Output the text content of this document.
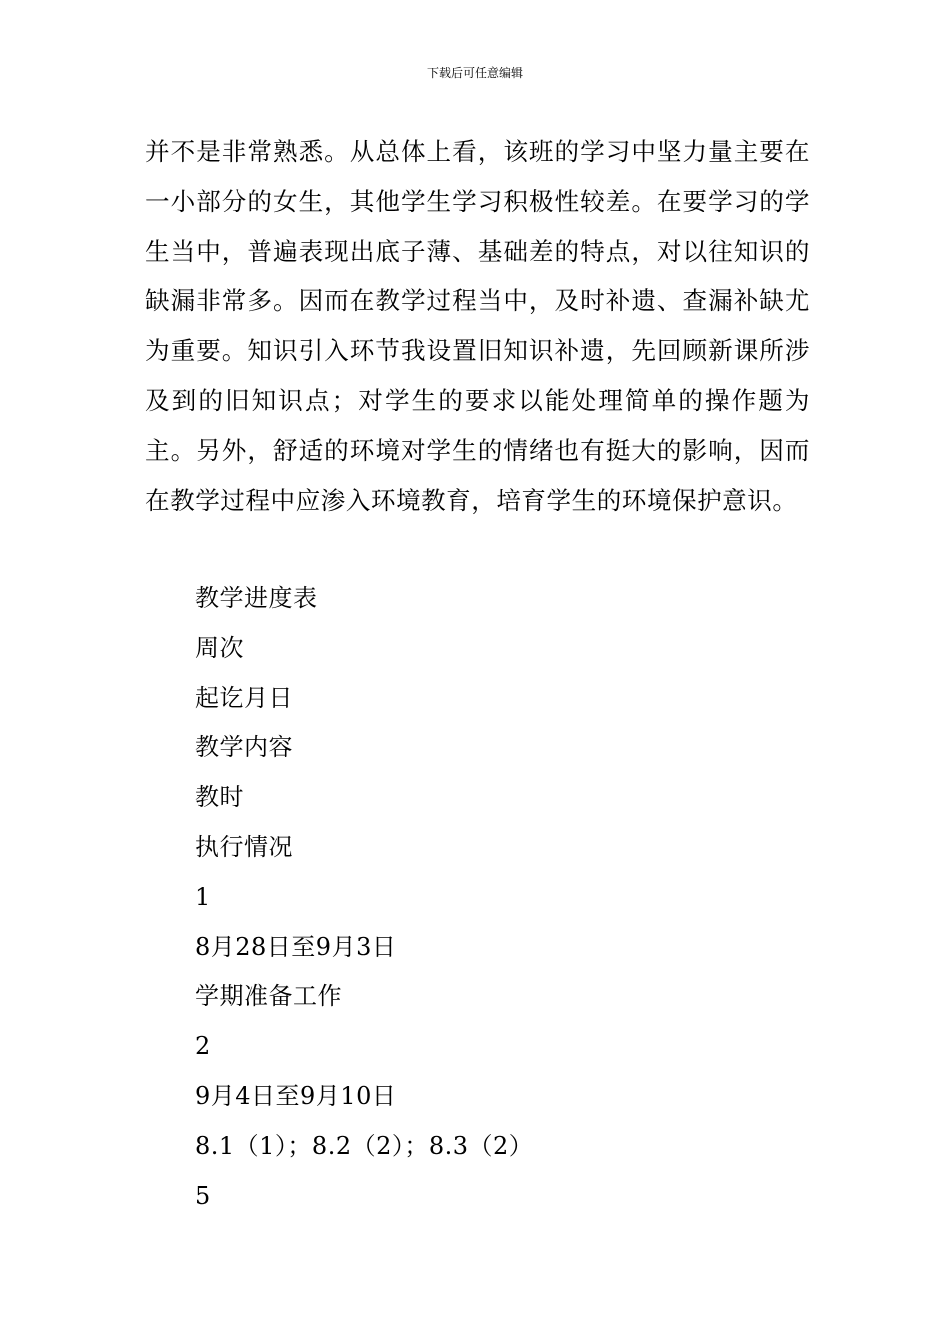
下载后可任意编辑

并不是非常熟悉。从总体上看，该班的学习中坚力量主要在一小部分的女生，其他学生学习积极性较差。在要学习的学生当中，普遍表现出底子薄、基础差的特点，对以往知识的缺漏非常多。因而在教学过程当中，及时补遗、查漏补缺尤为重要。知识引入环节我设置旧知识补遗，先回顾新课所涉及到的旧知识点；对学生的要求以能处理简单的操作题为主。另外，舒适的环境对学生的情绪也有挺大的影响，因而在教学过程中应渗入环境教育，培育学生的环境保护意识。

教学进度表
周次
起讫月日
教学内容
教时
执行情况
1
8月28日至9月3日
学期准备工作
2
9月4日至9月10日
8.1（1）；8.2（2）；8.3（2）
5
